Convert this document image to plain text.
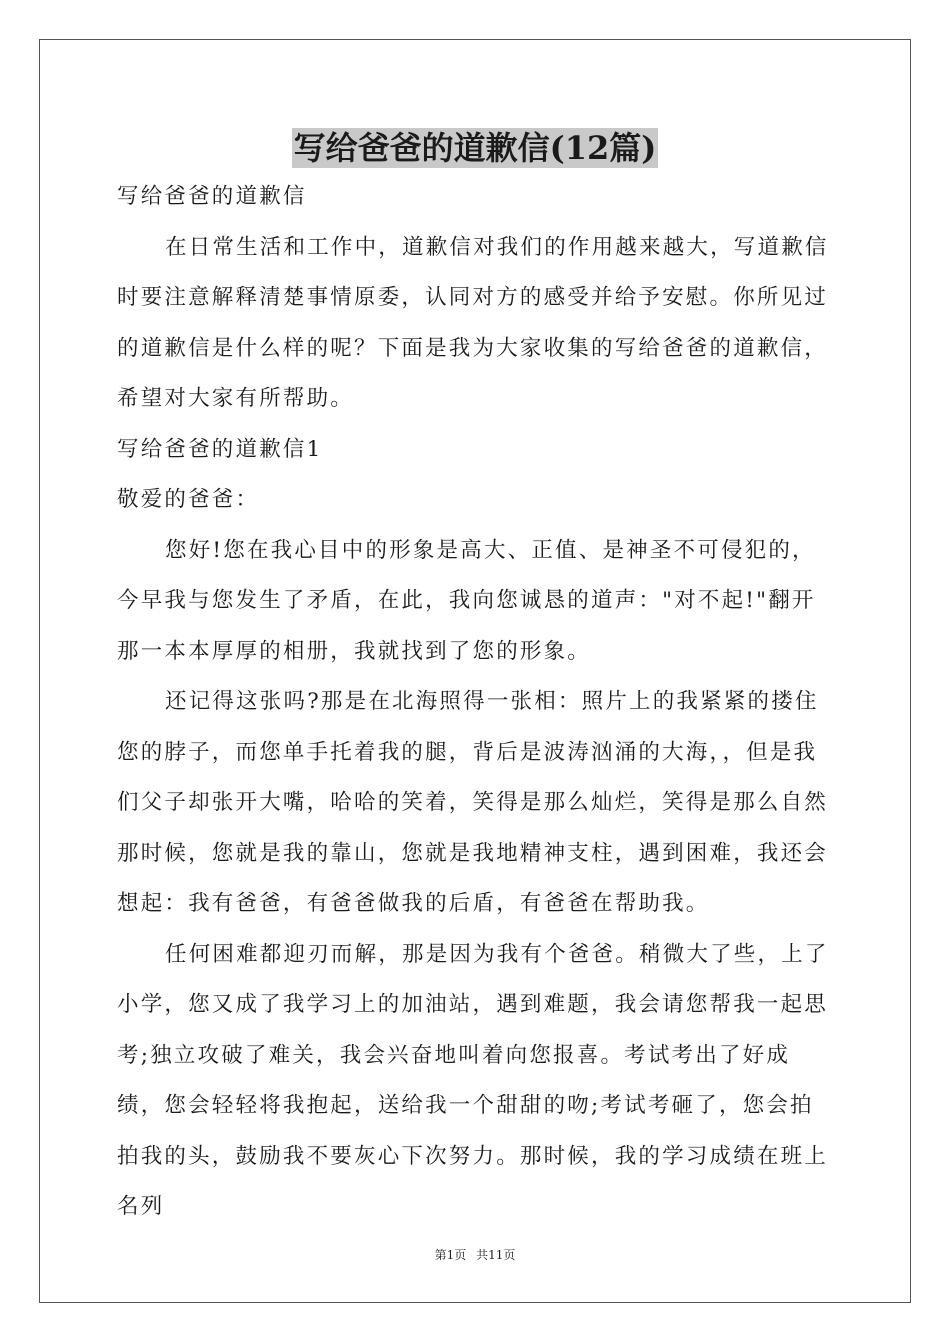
写给爸爸的道歉信(12篇)

写给爸爸的道歉信

在日常生活和工作中，道歉信对我们的作用越来越大，写道歉信时要注意解释清楚事情原委，认同对方的感受并给予安慰。你所见过的道歉信是什么样的呢？下面是我为大家收集的写给爸爸的道歉信，希望对大家有所帮助。

写给爸爸的道歉信1

敬爱的爸爸：

您好!您在我心目中的形象是高大、正值、是神圣不可侵犯的，今早我与您发生了矛盾，在此，我向您诚恳的道声："对不起!"翻开那一本本厚厚的相册，我就找到了您的形象。

还记得这张吗?那是在北海照得一张相：照片上的我紧紧的搂住您的脖子，而您单手托着我的腿，背后是波涛汹涌的大海，，但是我们父子却张开大嘴，哈哈的笑着，笑得是那么灿烂，笑得是那么自然那时候，您就是我的靠山，您就是我地精神支柱，遇到困难，我还会想起：我有爸爸，有爸爸做我的后盾，有爸爸在帮助我。

任何困难都迎刃而解，那是因为我有个爸爸。稍微大了些，上了小学，您又成了我学习上的加油站，遇到难题，我会请您帮我一起思考;独立攻破了难关，我会兴奋地叫着向您报喜。考试考出了好成绩，您会轻轻将我抱起，送给我一个甜甜的吻;考试考砸了，您会拍拍我的头，鼓励我不要灰心下次努力。那时候，我的学习成绩在班上名列

第1页 共11页
